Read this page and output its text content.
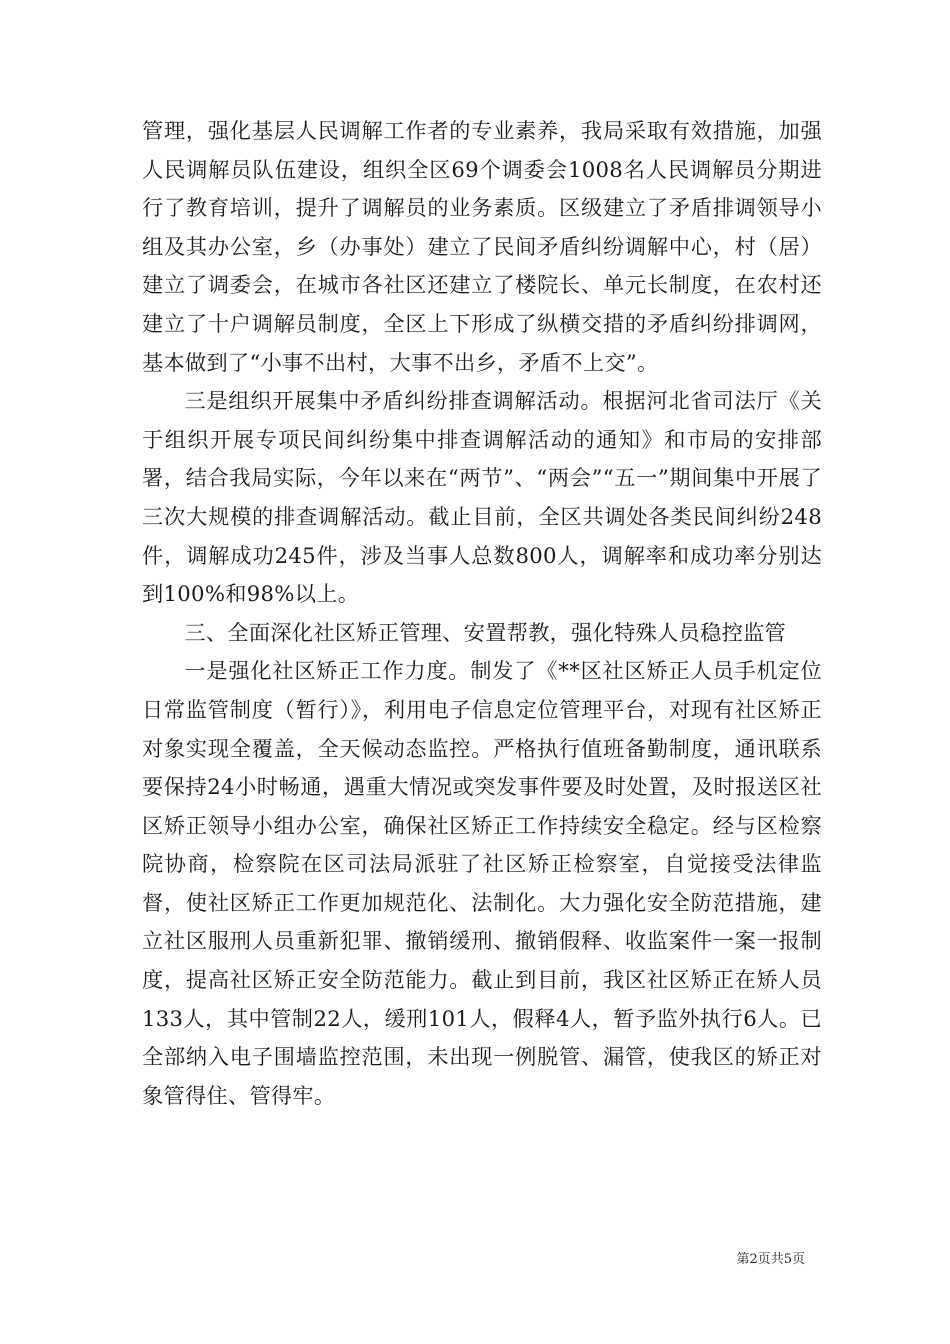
管理，强化基层人民调解工作者的专业素养，我局采取有效措施，加强人民调解员队伍建设，组织全区69个调委会1008名人民调解员分期进行了教育培训，提升了调解员的业务素质。区级建立了矛盾排调领导小组及其办公室，乡（办事处）建立了民间矛盾纠纷调解中心，村（居）建立了调委会，在城市各社区还建立了楼院长、单元长制度，在农村还建立了十户调解员制度，全区上下形成了纵横交措的矛盾纠纷排调网，基本做到了“小事不出村，大事不出乡，矛盾不上交”。

三是组织开展集中矛盾纠纷排查调解活动。根据河北省司法厅《关于组织开展专项民间纠纷集中排查调解活动的通知》和市局的安排部署，结合我局实际，今年以来在“两节”、“两会”“五一”期间集中开展了三次大规模的排查调解活动。截止目前，全区共调处各类民间纠纷248件，调解成功245件，涉及当事人总数800人，调解率和成功率分别达到100%和98%以上。

三、全面深化社区矫正管理、安置帮教，强化特殊人员稳控监管

一是强化社区矫正工作力度。制发了《**区社区矫正人员手机定位日常监管制度（暂行）》，利用电子信息定位管理平台，对现有社区矫正对象实现全覆盖，全天候动态监控。严格执行值班备勤制度，通讯联系要保持24小时畅通，遇重大情况或突发事件要及时处置，及时报送区社区矫正领导小组办公室，确保社区矫正工作持续安全稳定。经与区检察院协商，检察院在区司法局派驻了社区矫正检察室，自觉接受法律监督，使社区矫正工作更加规范化、法制化。大力强化安全防范措施，建立社区服刑人员重新犯罪、撤销缓刑、撤销假释、收监案件一案一报制度，提高社区矫正安全防范能力。截止到目前，我区社区矫正在矫人员133人，其中管制22人，缓刑101人，假释4人，暂予监外执行6人。已全部纳入电子围墙监控范围，未出现一例脱管、漏管，使我区的矫正对象管得住、管得牢。

第2页共5页
